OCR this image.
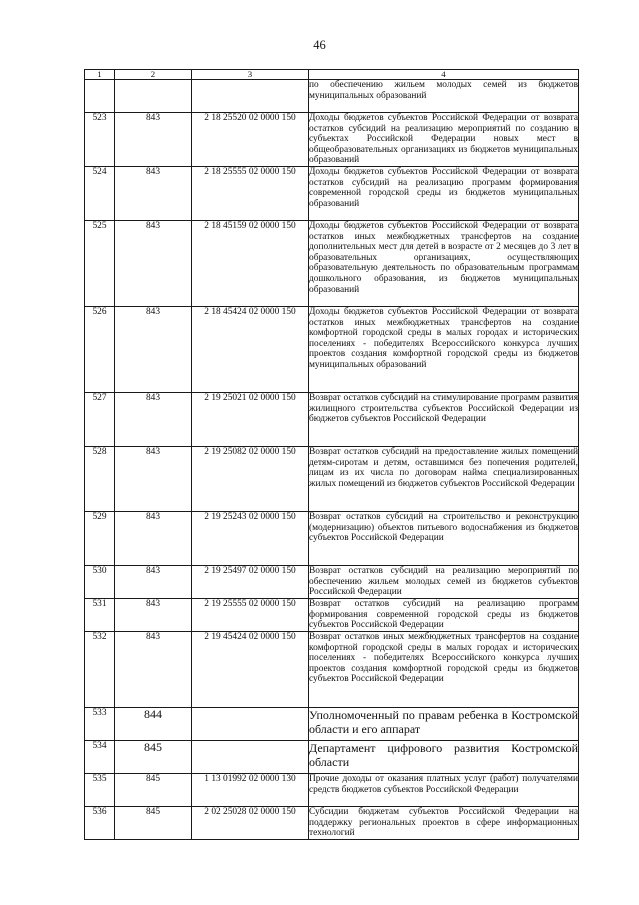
46
1	2	3	4
			по обеспечению жильем молодых семей из бюджетов муниципальных образований
523	843	2 18 25520 02 0000 150	Доходы бюджетов субъектов Российской Федерации от возврата остатков субсидий на реализацию мероприятий по созданию в субъектах Российской Федерации новых мест в общеобразовательных организациях из бюджетов муниципальных образований
524	843	2 18 25555 02 0000 150	Доходы бюджетов субъектов Российской Федерации от возврата остатков субсидий на реализацию программ формирования современной городской среды из бюджетов муниципальных образований
525	843	2 18 45159 02 0000 150	Доходы бюджетов субъектов Российской Федерации от возврата остатков иных межбюджетных трансфертов на создание дополнительных мест для детей в возрасте от 2 месяцев до 3 лет в образовательных организациях, осуществляющих образовательную деятельность по образовательным программам дошкольного образования, из бюджетов муниципальных образований
526	843	2 18 45424 02 0000 150	Доходы бюджетов субъектов Российской Федерации от возврата остатков иных межбюджетных трансфертов на создание комфортной городской среды в малых городах и исторических поселениях - победителях Всероссийского конкурса лучших проектов создания комфортной городской среды из бюджетов муниципальных образований
527	843	2 19 25021 02 0000 150	Возврат остатков субсидий на стимулирование программ развития жилищного строительства субъектов Российской Федерации из бюджетов субъектов Российской Федерации
528	843	2 19 25082 02 0000 150	Возврат остатков субсидий на предоставление жилых помещений детям-сиротам и детям, оставшимся без попечения родителей, лицам из их числа по договорам найма специализированных жилых помещений из бюджетов субъектов Российской Федерации
529	843	2 19 25243 02 0000 150	Возврат остатков субсидий на строительство и реконструкцию (модернизацию) объектов питьевого водоснабжения из бюджетов субъектов Российской Федерации
530	843	2 19 25497 02 0000 150	Возврат остатков субсидий на реализацию мероприятий по обеспечению жильем молодых семей из бюджетов субъектов Российской Федерации
531	843	2 19 25555 02 0000 150	Возврат остатков субсидий на реализацию программ формирования современной городской среды из бюджетов субъектов Российской Федерации
532	843	2 19 45424 02 0000 150	Возврат остатков иных межбюджетных трансфертов на создание комфортной городской среды в малых городах и исторических поселениях - победителях Всероссийского конкурса лучших проектов создания комфортной городской среды из бюджетов субъектов Российской Федерации
533	844		Уполномоченный по правам ребенка в Костромской области и его аппарат
534	845		Департамент цифрового развития Костромской области
535	845	1 13 01992 02 0000 130	Прочие доходы от оказания платных услуг (работ) получателями средств бюджетов субъектов Российской Федерации
536	845	2 02 25028 02 0000 150	Субсидии бюджетам субъектов Российской Федерации на поддержку региональных проектов в сфере информационных технологий
